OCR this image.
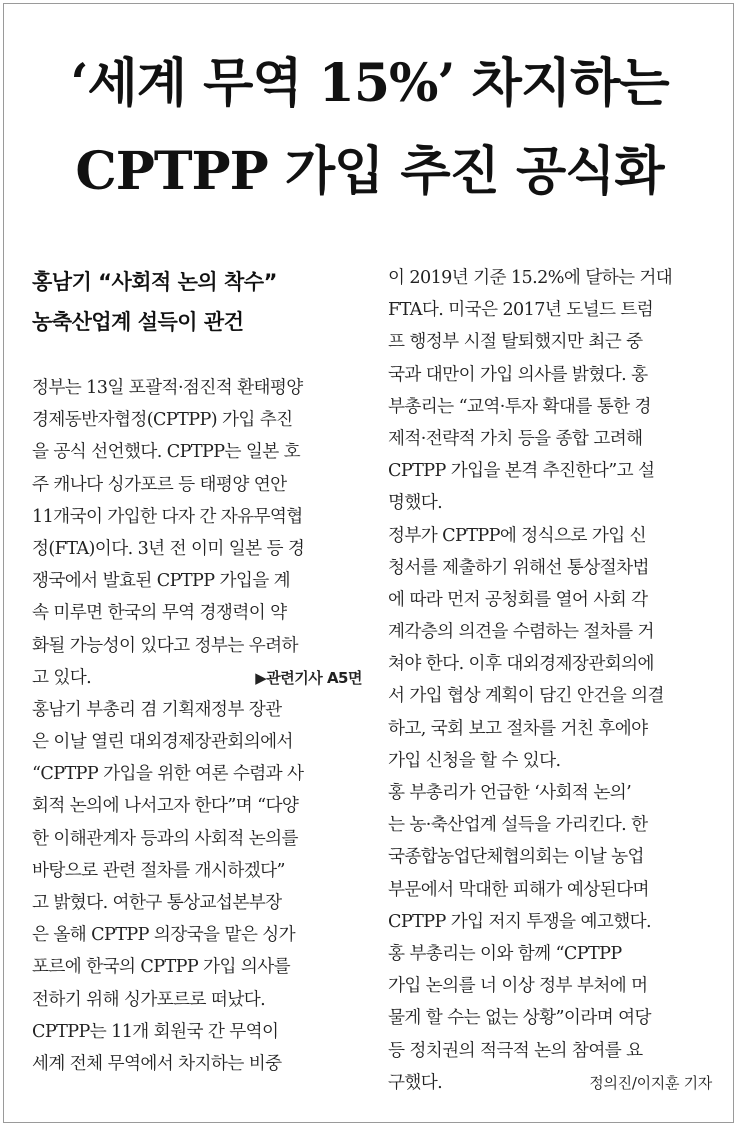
‘세계 무역 15%’ 차지하는
CPTPP 가입 추진 공식화
홍남기 “사회적 논의 착수”
농축산업계 설득이 관건
정부는 13일 포괄적·점진적 환태평양
경제동반자협정(CPTPP) 가입 추진
을 공식 선언했다. CPTPP는 일본 호
주 캐나다 싱가포르 등 태평양 연안
11개국이 가입한 다자 간 자유무역협
정(FTA)이다. 3년 전 이미 일본 등 경
쟁국에서 발효된 CPTPP 가입을 계
속 미루면 한국의 무역 경쟁력이 약
화될 가능성이 있다고 정부는 우려하
고 있다.	▶관련기사 A5면
홍남기 부총리 겸 기획재정부 장관
은 이날 열린 대외경제장관회의에서
“CPTPP 가입을 위한 여론 수렴과 사
회적 논의에 나서고자 한다”며 “다양
한 이해관계자 등과의 사회적 논의를
바탕으로 관련 절차를 개시하겠다”
고 밝혔다. 여한구 통상교섭본부장
은 올해 CPTPP 의장국을 맡은 싱가
포르에 한국의 CPTPP 가입 의사를
전하기 위해 싱가포르로 떠났다.
CPTPP는 11개 회원국 간 무역이
세계 전체 무역에서 차지하는 비중
이 2019년 기준 15.2%에 달하는 거대
FTA다. 미국은 2017년 도널드 트럼
프 행정부 시절 탈퇴했지만 최근 중
국과 대만이 가입 의사를 밝혔다. 홍
부총리는 “교역·투자 확대를 통한 경
제적·전략적 가치 등을 종합 고려해
CPTPP 가입을 본격 추진한다”고 설
명했다.
정부가 CPTPP에 정식으로 가입 신
청서를 제출하기 위해선 통상절차법
에 따라 먼저 공청회를 열어 사회 각
계각층의 의견을 수렴하는 절차를 거
쳐야 한다. 이후 대외경제장관회의에
서 가입 협상 계획이 담긴 안건을 의결
하고, 국회 보고 절차를 거친 후에야
가입 신청을 할 수 있다.
홍 부총리가 언급한 ‘사회적 논의’
는 농·축산업계 설득을 가리킨다. 한
국종합농업단체협의회는 이날 농업
부문에서 막대한 피해가 예상된다며
CPTPP 가입 저지 투쟁을 예고했다.
홍 부총리는 이와 함께 “CPTPP
가입 논의를 너 이상 정부 부처에 머
물게 할 수는 없는 상황”이라며 여당
등 정치권의 적극적 논의 참여를 요
구했다.	정의진/이지훈 기자
